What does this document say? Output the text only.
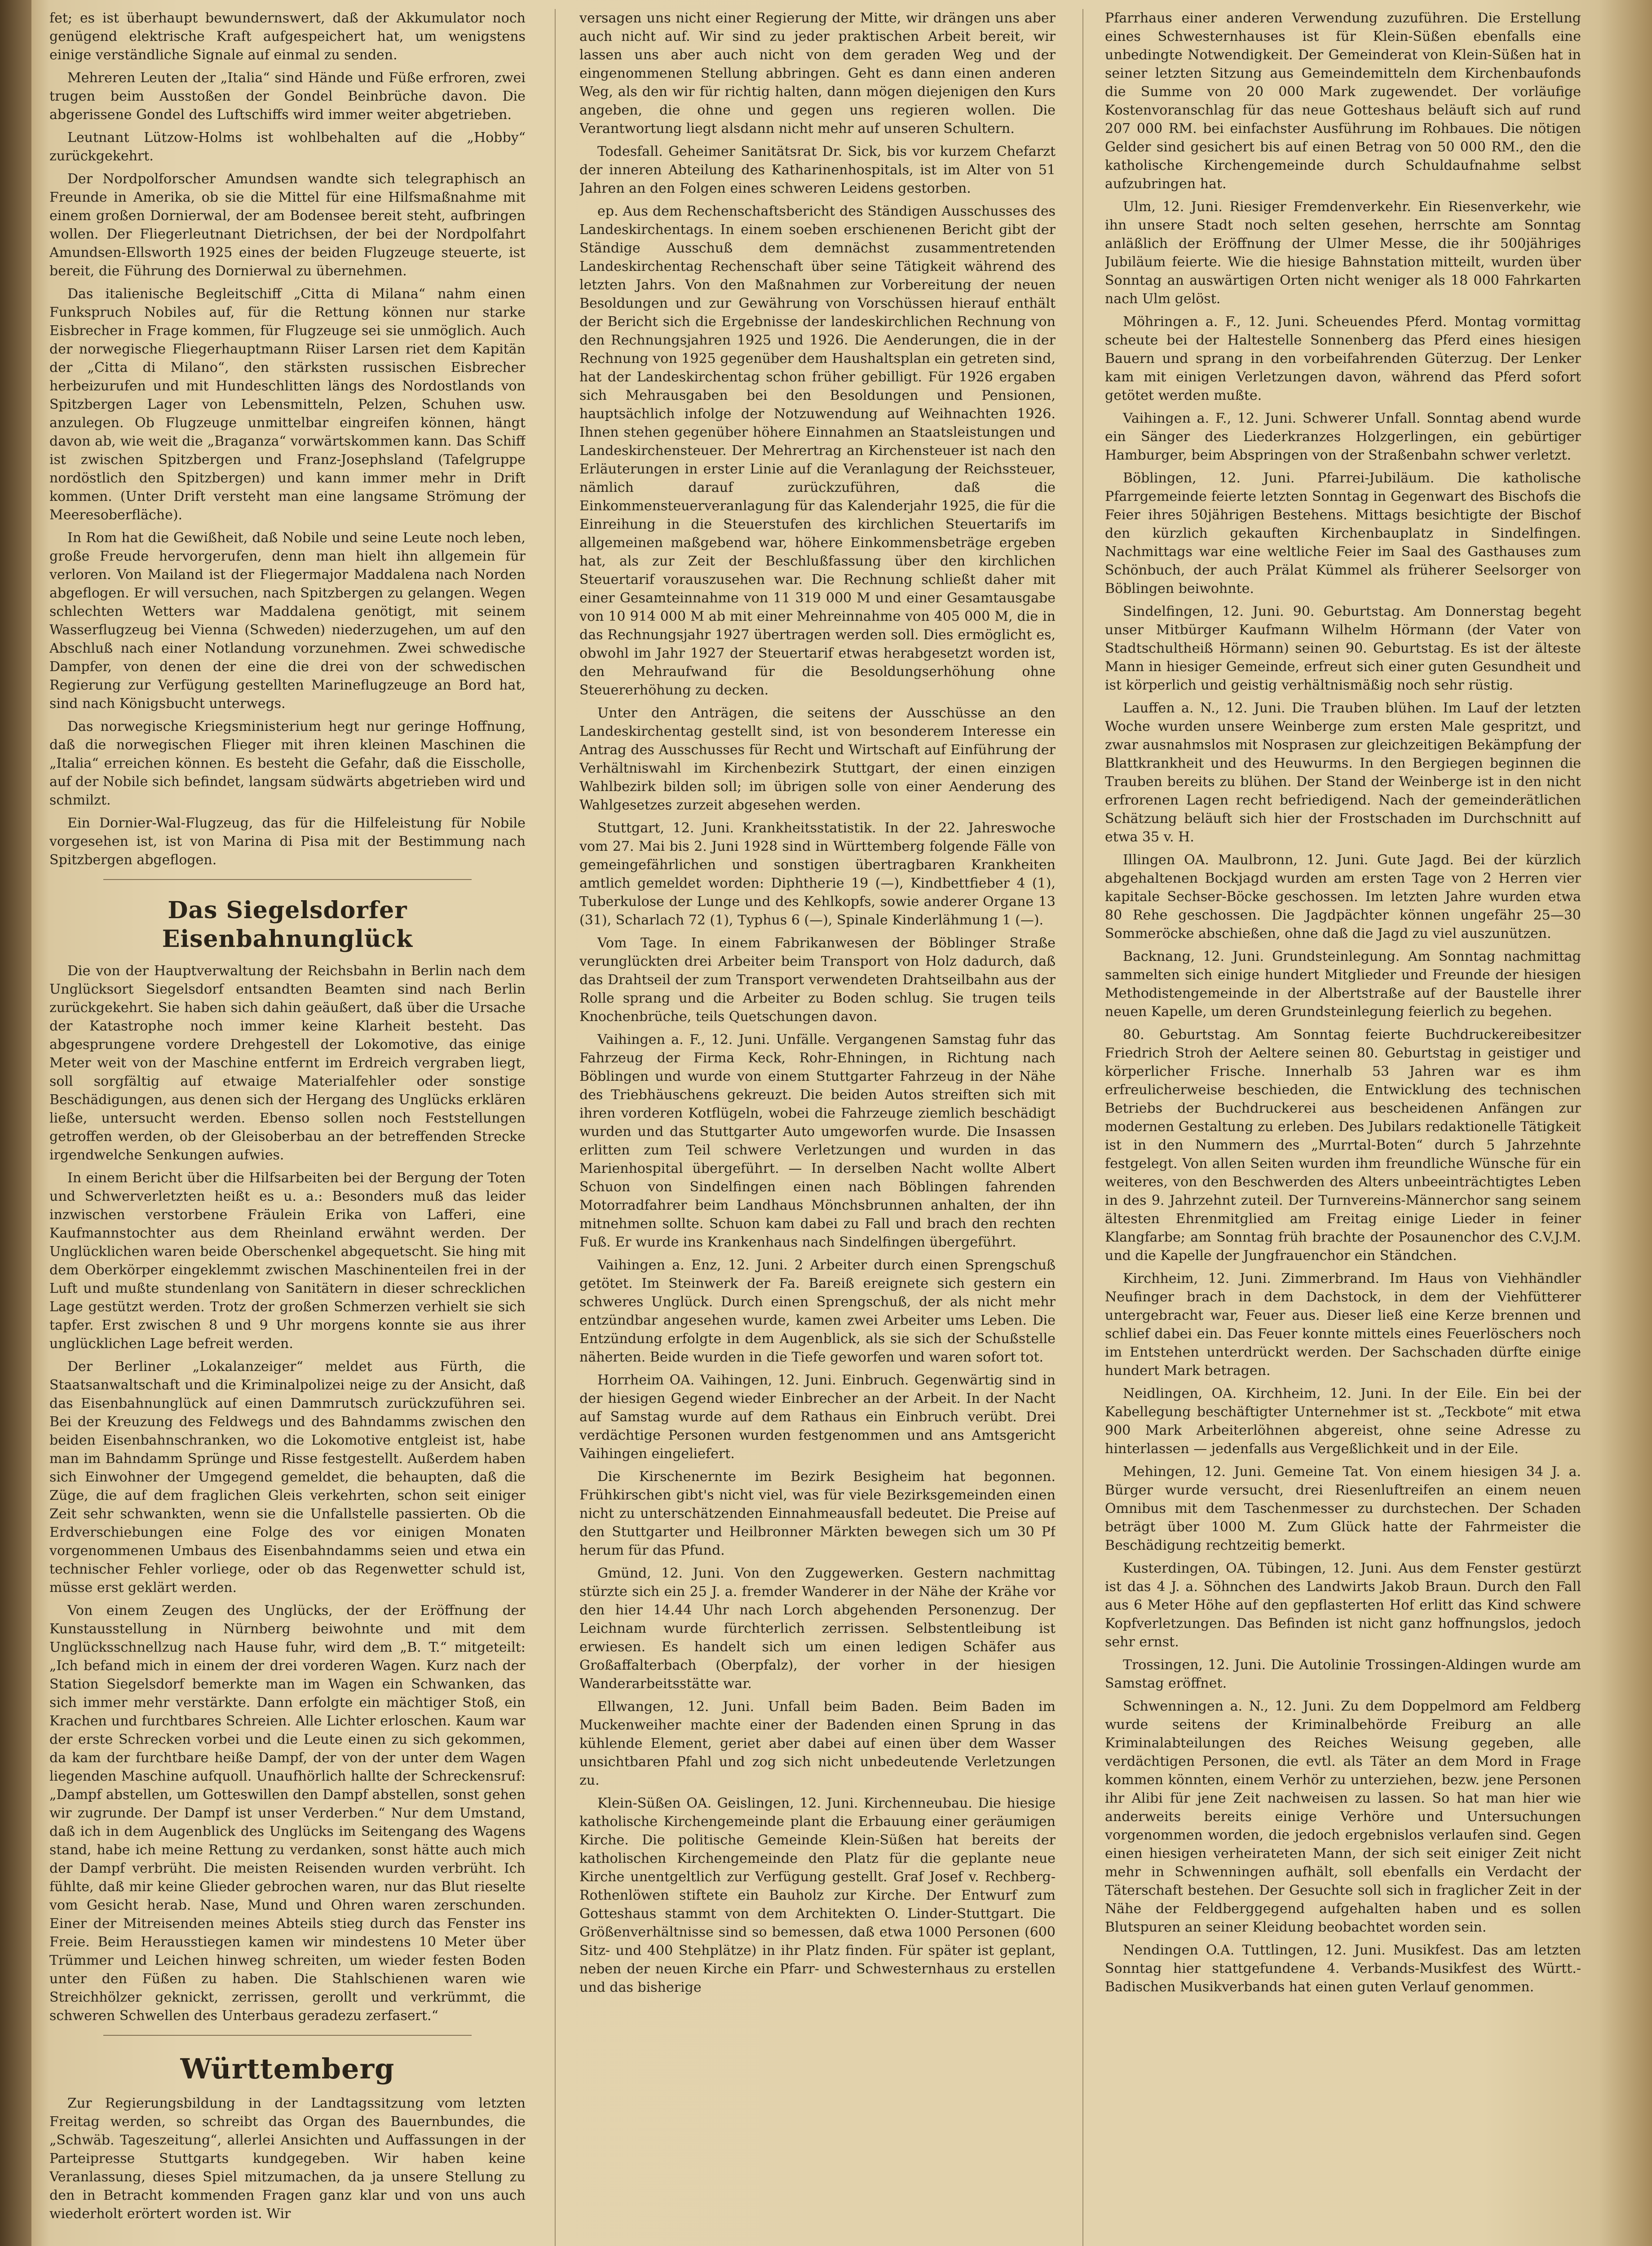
fet; es ist überhaupt bewundernswert, daß der Akkumulator noch genügend elektrische Kraft aufgespeichert hat, um wenigstens einige verständliche Signale auf einmal zu senden.

Mehreren Leuten der „Italia“ sind Hände und Füße erfroren, zwei trugen beim Ausstoßen der Gondel Beinbrüche davon. Die abgerissene Gondel des Luftschiffs wird immer weiter abgetrieben.

Leutnant Lützow-Holms ist wohlbehalten auf die „Hobby“ zurückgekehrt.

Der Nordpolforscher Amundsen wandte sich telegraphisch an Freunde in Amerika, ob sie die Mittel für eine Hilfsmaßnahme mit einem großen Dornierwal, der am Bodensee bereit steht, aufbringen wollen. Der Fliegerleutnant Dietrichsen, der bei der Nordpolfahrt Amundsen-Ellsworth 1925 eines der beiden Flugzeuge steuerte, ist bereit, die Führung des Dornierwal zu übernehmen.

Das italienische Begleitschiff „Citta di Milana“ nahm einen Funkspruch Nobiles auf, für die Rettung können nur starke Eisbrecher in Frage kommen, für Flugzeuge sei sie unmöglich. Auch der norwegische Fliegerhauptmann Riiser Larsen riet dem Kapitän der „Citta di Milano“, den stärksten russischen Eisbrecher herbeizurufen und mit Hundeschlitten längs des Nordostlands von Spitzbergen Lager von Lebensmitteln, Pelzen, Schuhen usw. anzulegen. Ob Flugzeuge unmittelbar eingreifen können, hängt davon ab, wie weit die „Braganza“ vorwärtskommen kann. Das Schiff ist zwischen Spitzbergen und Franz-Josephsland (Tafelgruppe nordöstlich den Spitzbergen) und kann immer mehr in Drift kommen. (Unter Drift versteht man eine langsame Strömung der Meeresoberfläche).

In Rom hat die Gewißheit, daß Nobile und seine Leute noch leben, große Freude hervorgerufen, denn man hielt ihn allgemein für verloren. Von Mailand ist der Fliegermajor Maddalena nach Norden abgeflogen. Er will versuchen, nach Spitzbergen zu gelangen. Wegen schlechten Wetters war Maddalena genötigt, mit seinem Wasserflugzeug bei Vienna (Schweden) niederzugehen, um auf den Abschluß nach einer Notlandung vorzunehmen. Zwei schwedische Dampfer, von denen der eine die drei von der schwedischen Regierung zur Verfügung gestellten Marineflugzeuge an Bord hat, sind nach Königsbucht unterwegs.

Das norwegische Kriegsministerium hegt nur geringe Hoffnung, daß die norwegischen Flieger mit ihren kleinen Maschinen die „Italia“ erreichen können. Es besteht die Gefahr, daß die Eisscholle, auf der Nobile sich befindet, langsam südwärts abgetrieben wird und schmilzt.

Ein Dornier-Wal-Flugzeug, das für die Hilfeleistung für Nobile vorgesehen ist, ist von Marina di Pisa mit der Bestimmung nach Spitzbergen abgeflogen.

Das Siegelsdorfer Eisenbahnunglück

Die von der Hauptverwaltung der Reichsbahn in Berlin nach dem Unglücksort Siegelsdorf entsandten Beamten sind nach Berlin zurückgekehrt. Sie haben sich dahin geäußert, daß über die Ursache der Katastrophe noch immer keine Klarheit besteht. Das abgesprungene vordere Drehgestell der Lokomotive, das einige Meter weit von der Maschine entfernt im Erdreich vergraben liegt, soll sorgfältig auf etwaige Materialfehler oder sonstige Beschädigungen, aus denen sich der Hergang des Unglücks erklären ließe, untersucht werden. Ebenso sollen noch Feststellungen getroffen werden, ob der Gleisoberbau an der betreffenden Strecke irgendwelche Senkungen aufwies.

In einem Bericht über die Hilfsarbeiten bei der Bergung der Toten und Schwerverletzten heißt es u. a.: Besonders muß das leider inzwischen verstorbene Fräulein Erika von Lafferi, eine Kaufmannstochter aus dem Rheinland erwähnt werden. Der Unglücklichen waren beide Oberschenkel abgequetscht. Sie hing mit dem Oberkörper eingeklemmt zwischen Maschinenteilen frei in der Luft und mußte stundenlang von Sanitätern in dieser schrecklichen Lage gestützt werden. Trotz der großen Schmerzen verhielt sie sich tapfer. Erst zwischen 8 und 9 Uhr morgens konnte sie aus ihrer unglücklichen Lage befreit werden.

Der Berliner „Lokalanzeiger“ meldet aus Fürth, die Staatsanwaltschaft und die Kriminalpolizei neige zu der Ansicht, daß das Eisenbahnunglück auf einen Dammrutsch zurückzuführen sei. Bei der Kreuzung des Feldwegs und des Bahndamms zwischen den beiden Eisenbahnschranken, wo die Lokomotive entgleist ist, habe man im Bahndamm Sprünge und Risse festgestellt. Außerdem haben sich Einwohner der Umgegend gemeldet, die behaupten, daß die Züge, die auf dem fraglichen Gleis verkehrten, schon seit einiger Zeit sehr schwankten, wenn sie die Unfallstelle passierten. Ob die Erdverschiebungen eine Folge des vor einigen Monaten vorgenommenen Umbaus des Eisenbahndamms seien und etwa ein technischer Fehler vorliege, oder ob das Regenwetter schuld ist, müsse erst geklärt werden.

Von einem Zeugen des Unglücks, der der Eröffnung der Kunstausstellung in Nürnberg beiwohnte und mit dem Unglücksschnellzug nach Hause fuhr, wird dem „B. T.“ mitgeteilt: „Ich befand mich in einem der drei vorderen Wagen. Kurz nach der Station Siegelsdorf bemerkte man im Wagen ein Schwanken, das sich immer mehr verstärkte. Dann erfolgte ein mächtiger Stoß, ein Krachen und furchtbares Schreien. Alle Lichter erloschen. Kaum war der erste Schrecken vorbei und die Leute einen zu sich gekommen, da kam der furchtbare heiße Dampf, der von der unter dem Wagen liegenden Maschine aufquoll. Unaufhörlich hallte der Schreckensruf: „Dampf abstellen, um Gotteswillen den Dampf abstellen, sonst gehen wir zugrunde. Der Dampf ist unser Verderben.“ Nur dem Umstand, daß ich in dem Augenblick des Unglücks im Seitengang des Wagens stand, habe ich meine Rettung zu verdanken, sonst hätte auch mich der Dampf verbrüht. Die meisten Reisenden wurden verbrüht. Ich fühlte, daß mir keine Glieder gebrochen waren, nur das Blut rieselte vom Gesicht herab. Nase, Mund und Ohren waren zerschunden. Einer der Mitreisenden meines Abteils stieg durch das Fenster ins Freie. Beim Herausstiegen kamen wir mindestens 10 Meter über Trümmer und Leichen hinweg schreiten, um wieder festen Boden unter den Füßen zu haben. Die Stahlschienen waren wie Streichhölzer geknickt, zerrissen, gerollt und verkrümmt, die schweren Schwellen des Unterbaus geradezu zerfasert.“

Württemberg

Zur Regierungsbildung in der Landtagssitzung vom letzten Freitag werden, so schreibt das Organ des Bauernbundes, die „Schwäb. Tageszeitung“, allerlei Ansichten und Auffassungen in der Parteipresse Stuttgarts kundgegeben. Wir haben keine Veranlassung, dieses Spiel mitzumachen, da ja unsere Stellung zu den in Betracht kommenden Fragen ganz klar und von uns auch wiederholt erörtert worden ist. Wir

versagen uns nicht einer Regierung der Mitte, wir drängen uns aber auch nicht auf. Wir sind zu jeder praktischen Arbeit bereit, wir lassen uns aber auch nicht von dem geraden Weg und der eingenommenen Stellung abbringen. Geht es dann einen anderen Weg, als den wir für richtig halten, dann mögen diejenigen den Kurs angeben, die ohne und gegen uns regieren wollen. Die Verantwortung liegt alsdann nicht mehr auf unseren Schultern.

Todesfall. Geheimer Sanitätsrat Dr. Sick, bis vor kurzem Chefarzt der inneren Abteilung des Katharinenhospitals, ist im Alter von 51 Jahren an den Folgen eines schweren Leidens gestorben.

ep. Aus dem Rechenschaftsbericht des Ständigen Ausschusses des Landeskirchentags. In einem soeben erschienenen Bericht gibt der Ständige Ausschuß dem demnächst zusammentretenden Landeskirchentag Rechenschaft über seine Tätigkeit während des letzten Jahrs. Von den Maßnahmen zur Vorbereitung der neuen Besoldungen und zur Gewährung von Vorschüssen hierauf enthält der Bericht sich die Ergebnisse der landeskirchlichen Rechnung von den Rechnungsjahren 1925 und 1926. Die Aenderungen, die in der Rechnung von 1925 gegenüber dem Haushaltsplan ein getreten sind, hat der Landeskirchentag schon früher gebilligt. Für 1926 ergaben sich Mehrausgaben bei den Besoldungen und Pensionen, hauptsächlich infolge der Notzuwendung auf Weihnachten 1926. Ihnen stehen gegenüber höhere Einnahmen an Staatsleistungen und Landeskirchensteuer. Der Mehrertrag an Kirchensteuer ist nach den Erläuterungen in erster Linie auf die Veranlagung der Reichssteuer, nämlich darauf zurückzuführen, daß die Einkommensteuerveranlagung für das Kalenderjahr 1925, die für die Einreihung in die Steuerstufen des kirchlichen Steuertarifs im allgemeinen maßgebend war, höhere Einkommensbeträge ergeben hat, als zur Zeit der Beschlußfassung über den kirchlichen Steuertarif vorauszusehen war. Die Rechnung schließt daher mit einer Gesamteinnahme von 11 319 000 M und einer Gesamtausgabe von 10 914 000 M ab mit einer Mehreinnahme von 405 000 M, die in das Rechnungsjahr 1927 übertragen werden soll. Dies ermöglicht es, obwohl im Jahr 1927 der Steuertarif etwas herabgesetzt worden ist, den Mehraufwand für die Besoldungserhöhung ohne Steuererhöhung zu decken.

Unter den Anträgen, die seitens der Ausschüsse an den Landeskirchentag gestellt sind, ist von besonderem Interesse ein Antrag des Ausschusses für Recht und Wirtschaft auf Einführung der Verhältniswahl im Kirchenbezirk Stuttgart, der einen einzigen Wahlbezirk bilden soll; im übrigen solle von einer Aenderung des Wahlgesetzes zurzeit abgesehen werden.

Stuttgart, 12. Juni. Krankheitsstatistik. In der 22. Jahreswoche vom 27. Mai bis 2. Juni 1928 sind in Württemberg folgende Fälle von gemeingefährlichen und sonstigen übertragbaren Krankheiten amtlich gemeldet worden: Diphtherie 19 (—), Kindbettfieber 4 (1), Tuberkulose der Lunge und des Kehlkopfs, sowie anderer Organe 13 (31), Scharlach 72 (1), Typhus 6 (—), Spinale Kinderlähmung 1 (—).

Vom Tage. In einem Fabrikanwesen der Böblinger Straße verunglückten drei Arbeiter beim Transport von Holz dadurch, daß das Drahtseil der zum Transport verwendeten Drahtseilbahn aus der Rolle sprang und die Arbeiter zu Boden schlug. Sie trugen teils Knochenbrüche, teils Quetschungen davon.

Vaihingen a. F., 12. Juni. Unfälle. Vergangenen Samstag fuhr das Fahrzeug der Firma Keck, Rohr-Ehningen, in Richtung nach Böblingen und wurde von einem Stuttgarter Fahrzeug in der Nähe des Triebhäuschens gekreuzt. Die beiden Autos streiften sich mit ihren vorderen Kotflügeln, wobei die Fahrzeuge ziemlich beschädigt wurden und das Stuttgarter Auto umgeworfen wurde. Die Insassen erlitten zum Teil schwere Verletzungen und wurden in das Marienhospital übergeführt. — In derselben Nacht wollte Albert Schuon von Sindelfingen einen nach Böblingen fahrenden Motorradfahrer beim Landhaus Mönchsbrunnen anhalten, der ihn mitnehmen sollte. Schuon kam dabei zu Fall und brach den rechten Fuß. Er wurde ins Krankenhaus nach Sindelfingen übergeführt.

Vaihingen a. Enz, 12. Juni. 2 Arbeiter durch einen Sprengschuß getötet. Im Steinwerk der Fa. Bareiß ereignete sich gestern ein schweres Unglück. Durch einen Sprengschuß, der als nicht mehr entzündbar angesehen wurde, kamen zwei Arbeiter ums Leben. Die Entzündung erfolgte in dem Augenblick, als sie sich der Schußstelle näherten. Beide wurden in die Tiefe geworfen und waren sofort tot.

Horrheim OA. Vaihingen, 12. Juni. Einbruch. Gegenwärtig sind in der hiesigen Gegend wieder Einbrecher an der Arbeit. In der Nacht auf Samstag wurde auf dem Rathaus ein Einbruch verübt. Drei verdächtige Personen wurden festgenommen und ans Amtsgericht Vaihingen eingeliefert.

Die Kirschenernte im Bezirk Besigheim hat begonnen. Frühkirschen gibt's nicht viel, was für viele Bezirksgemeinden einen nicht zu unterschätzenden Einnahmeausfall bedeutet. Die Preise auf den Stuttgarter und Heilbronner Märkten bewegen sich um 30 Pf herum für das Pfund.

Gmünd, 12. Juni. Von den Zuggewerken. Gestern nachmittag stürzte sich ein 25 J. a. fremder Wanderer in der Nähe der Krähe vor den hier 14.44 Uhr nach Lorch abgehenden Personenzug. Der Leichnam wurde fürchterlich zerrissen. Selbstentleibung ist erwiesen. Es handelt sich um einen ledigen Schäfer aus Großaffalterbach (Oberpfalz), der vorher in der hiesigen Wanderarbeitsstätte war.

Ellwangen, 12. Juni. Unfall beim Baden. Beim Baden im Muckenweiher machte einer der Badenden einen Sprung in das kühlende Element, geriet aber dabei auf einen über dem Wasser unsichtbaren Pfahl und zog sich nicht unbedeutende Verletzungen zu.

Klein-Süßen OA. Geislingen, 12. Juni. Kirchenneubau. Die hiesige katholische Kirchengemeinde plant die Erbauung einer geräumigen Kirche. Die politische Gemeinde Klein-Süßen hat bereits der katholischen Kirchengemeinde den Platz für die geplante neue Kirche unentgeltlich zur Verfügung gestellt. Graf Josef v. Rechberg-Rothenlöwen stiftete ein Bauholz zur Kirche. Der Entwurf zum Gotteshaus stammt von dem Architekten O. Linder-Stuttgart. Die Größenverhältnisse sind so bemessen, daß etwa 1000 Personen (600 Sitz- und 400 Stehplätze) in ihr Platz finden. Für später ist geplant, neben der neuen Kirche ein Pfarr- und Schwesternhaus zu erstellen und das bisherige

Pfarrhaus einer anderen Verwendung zuzuführen. Die Erstellung eines Schwesternhauses ist für Klein-Süßen ebenfalls eine unbedingte Notwendigkeit. Der Gemeinderat von Klein-Süßen hat in seiner letzten Sitzung aus Gemeindemitteln dem Kirchenbaufonds die Summe von 20 000 Mark zugewendet. Der vorläufige Kostenvoranschlag für das neue Gotteshaus beläuft sich auf rund 207 000 RM. bei einfachster Ausführung im Rohbaues. Die nötigen Gelder sind gesichert bis auf einen Betrag von 50 000 RM., den die katholische Kirchengemeinde durch Schuldaufnahme selbst aufzubringen hat.

Ulm, 12. Juni. Riesiger Fremdenverkehr. Ein Riesenverkehr, wie ihn unsere Stadt noch selten gesehen, herrschte am Sonntag anläßlich der Eröffnung der Ulmer Messe, die ihr 500jähriges Jubiläum feierte. Wie die hiesige Bahnstation mitteilt, wurden über Sonntag an auswärtigen Orten nicht weniger als 18 000 Fahrkarten nach Ulm gelöst.

Möhringen a. F., 12. Juni. Scheuendes Pferd. Montag vormittag scheute bei der Haltestelle Sonnenberg das Pferd eines hiesigen Bauern und sprang in den vorbeifahrenden Güterzug. Der Lenker kam mit einigen Verletzungen davon, während das Pferd sofort getötet werden mußte.

Vaihingen a. F., 12. Juni. Schwerer Unfall. Sonntag abend wurde ein Sänger des Liederkranzes Holzgerlingen, ein gebürtiger Hamburger, beim Abspringen von der Straßenbahn schwer verletzt.

Böblingen, 12. Juni. Pfarrei-Jubiläum. Die katholische Pfarrgemeinde feierte letzten Sonntag in Gegenwart des Bischofs die Feier ihres 50jährigen Bestehens. Mittags besichtigte der Bischof den kürzlich gekauften Kirchenbauplatz in Sindelfingen. Nachmittags war eine weltliche Feier im Saal des Gasthauses zum Schönbuch, der auch Prälat Kümmel als früherer Seelsorger von Böblingen beiwohnte.

Sindelfingen, 12. Juni. 90. Geburtstag. Am Donnerstag begeht unser Mitbürger Kaufmann Wilhelm Hörmann (der Vater von Stadtschultheiß Hörmann) seinen 90. Geburtstag. Es ist der älteste Mann in hiesiger Gemeinde, erfreut sich einer guten Gesundheit und ist körperlich und geistig verhältnismäßig noch sehr rüstig.

Lauffen a. N., 12. Juni. Die Trauben blühen. Im Lauf der letzten Woche wurden unsere Weinberge zum ersten Male gespritzt, und zwar ausnahmslos mit Nosprasen zur gleichzeitigen Bekämpfung der Blattkrankheit und des Heuwurms. In den Bergiegen beginnen die Trauben bereits zu blühen. Der Stand der Weinberge ist in den nicht erfrorenen Lagen recht befriedigend. Nach der gemeinderätlichen Schätzung beläuft sich hier der Frostschaden im Durchschnitt auf etwa 35 v. H.

Illingen OA. Maulbronn, 12. Juni. Gute Jagd. Bei der kürzlich abgehaltenen Bockjagd wurden am ersten Tage von 2 Herren vier kapitale Sechser-Böcke geschossen. Im letzten Jahre wurden etwa 80 Rehe geschossen. Die Jagdpächter können ungefähr 25—30 Sommeröcke abschießen, ohne daß die Jagd zu viel auszunützen.

Backnang, 12. Juni. Grundsteinlegung. Am Sonntag nachmittag sammelten sich einige hundert Mitglieder und Freunde der hiesigen Methodistengemeinde in der Albertstraße auf der Baustelle ihrer neuen Kapelle, um deren Grundsteinlegung feierlich zu begehen.

80. Geburtstag. Am Sonntag feierte Buchdruckereibesitzer Friedrich Stroh der Aeltere seinen 80. Geburtstag in geistiger und körperlicher Frische. Innerhalb 53 Jahren war es ihm erfreulicherweise beschieden, die Entwicklung des technischen Betriebs der Buchdruckerei aus bescheidenen Anfängen zur modernen Gestaltung zu erleben. Des Jubilars redaktionelle Tätigkeit ist in den Nummern des „Murrtal-Boten“ durch 5 Jahrzehnte festgelegt. Von allen Seiten wurden ihm freundliche Wünsche für ein weiteres, von den Beschwerden des Alters unbeeinträchtigtes Leben in des 9. Jahrzehnt zuteil. Der Turnvereins-Männerchor sang seinem ältesten Ehrenmitglied am Freitag einige Lieder in feiner Klangfarbe; am Sonntag früh brachte der Posaunenchor des C.V.J.M. und die Kapelle der Jungfrauenchor ein Ständchen.

Kirchheim, 12. Juni. Zimmerbrand. Im Haus von Viehhändler Neufinger brach in dem Dachstock, in dem der Viehfütterer untergebracht war, Feuer aus. Dieser ließ eine Kerze brennen und schlief dabei ein. Das Feuer konnte mittels eines Feuerlöschers noch im Entstehen unterdrückt werden. Der Sachschaden dürfte einige hundert Mark betragen.

Neidlingen, OA. Kirchheim, 12. Juni. In der Eile. Ein bei der Kabellegung beschäftigter Unternehmer ist st. „Teckbote“ mit etwa 900 Mark Arbeiterlöhnen abgereist, ohne seine Adresse zu hinterlassen — jedenfalls aus Vergeßlichkeit und in der Eile.

Mehingen, 12. Juni. Gemeine Tat. Von einem hiesigen 34 J. a. Bürger wurde versucht, drei Riesenluftreifen an einem neuen Omnibus mit dem Taschenmesser zu durchstechen. Der Schaden beträgt über 1000 M. Zum Glück hatte der Fahrmeister die Beschädigung rechtzeitig bemerkt.

Kusterdingen, OA. Tübingen, 12. Juni. Aus dem Fenster gestürzt ist das 4 J. a. Söhnchen des Landwirts Jakob Braun. Durch den Fall aus 6 Meter Höhe auf den gepflasterten Hof erlitt das Kind schwere Kopfverletzungen. Das Befinden ist nicht ganz hoffnungslos, jedoch sehr ernst.

Trossingen, 12. Juni. Die Autolinie Trossingen-Aldingen wurde am Samstag eröffnet.

Schwenningen a. N., 12. Juni. Zu dem Doppelmord am Feldberg wurde seitens der Kriminalbehörde Freiburg an alle Kriminalabteilungen des Reiches Weisung gegeben, alle verdächtigen Personen, die evtl. als Täter an dem Mord in Frage kommen könnten, einem Verhör zu unterziehen, bezw. jene Personen ihr Alibi für jene Zeit nachweisen zu lassen. So hat man hier wie anderweits bereits einige Verhöre und Untersuchungen vorgenommen worden, die jedoch ergebnislos verlaufen sind. Gegen einen hiesigen verheirateten Mann, der sich seit einiger Zeit nicht mehr in Schwenningen aufhält, soll ebenfalls ein Verdacht der Täterschaft bestehen. Der Gesuchte soll sich in fraglicher Zeit in der Nähe der Feldberggegend aufgehalten haben und es sollen Blutspuren an seiner Kleidung beobachtet worden sein.

Nendingen O.A. Tuttlingen, 12. Juni. Musikfest. Das am letzten Sonntag hier stattgefundene 4. Verbands-Musikfest des Württ.-Badischen Musikverbands hat einen guten Verlauf genommen.
